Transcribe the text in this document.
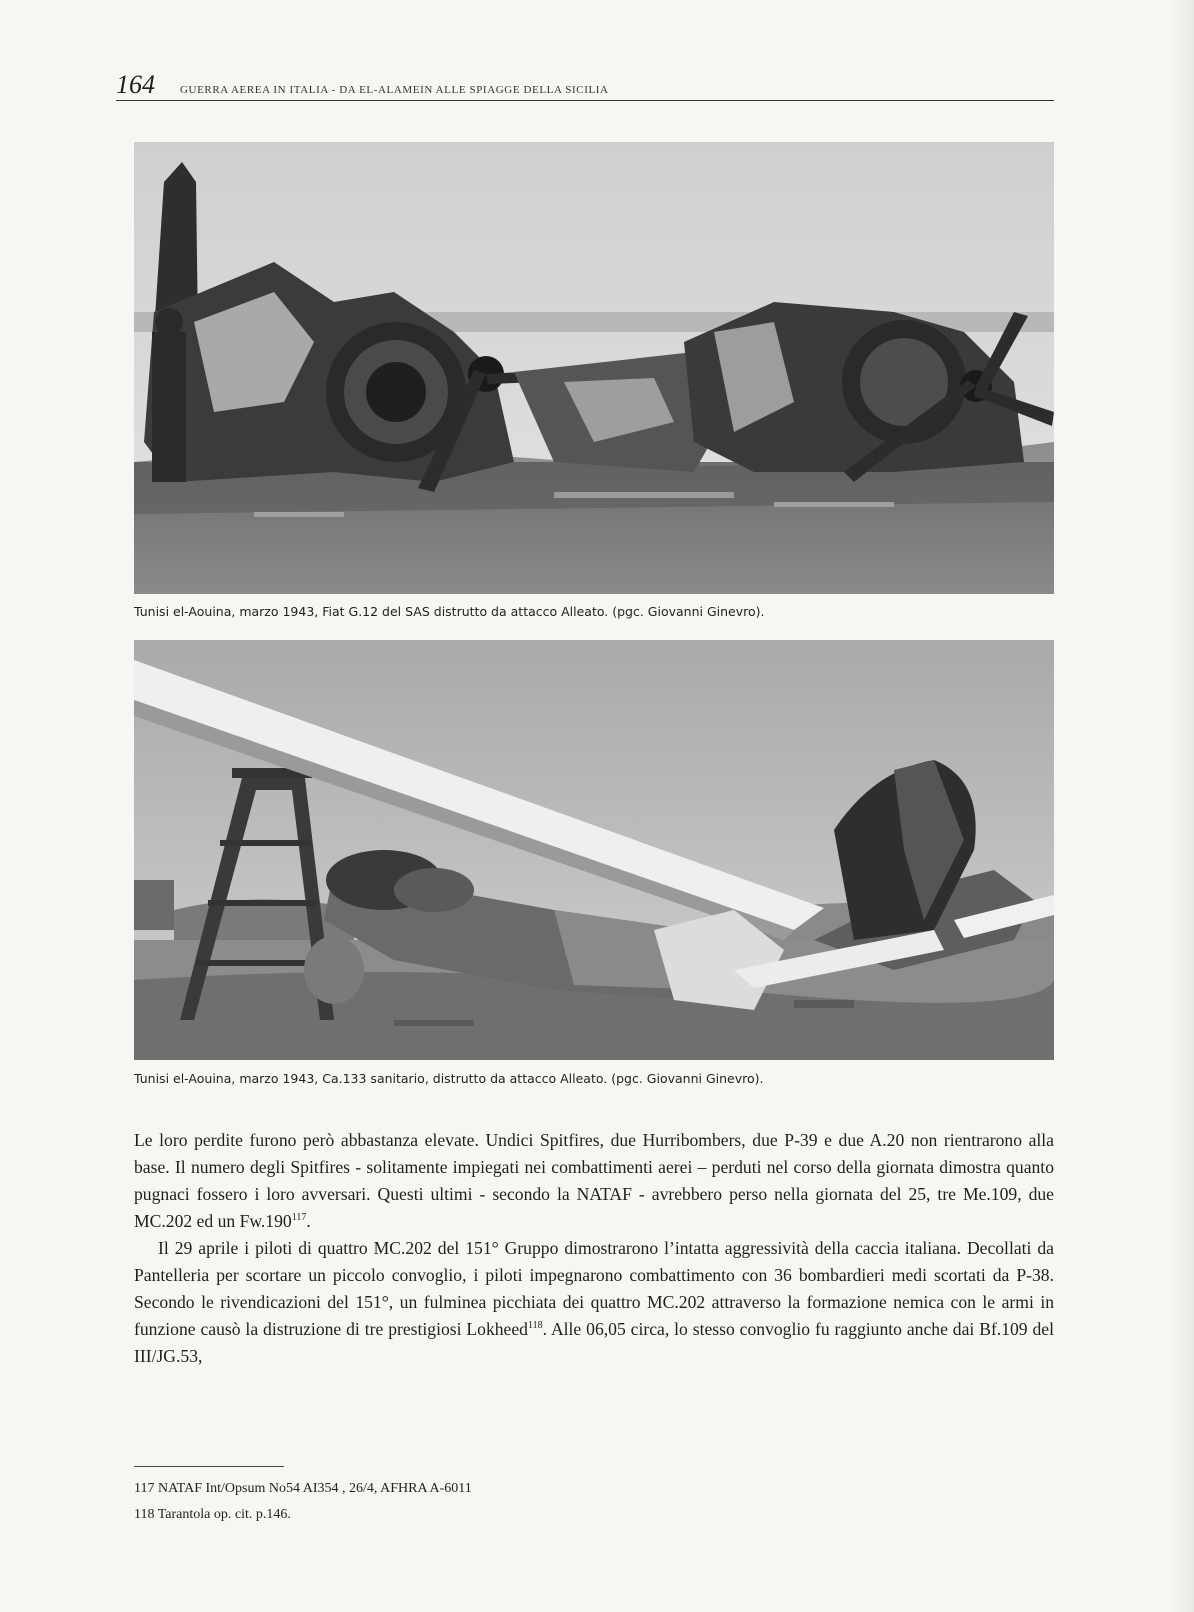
164 GUERRA AEREA IN ITALIA - DA EL-ALAMEIN ALLE SPIAGGE DELLA SICILIA
Tunisi el-Aouina, marzo 1943, Fiat G.12 del SAS distrutto da attacco Alleato. (pgc. Giovanni Ginevro).
Tunisi el-Aouina, marzo 1943, Ca.133 sanitario, distrutto da attacco Alleato. (pgc. Giovanni Ginevro).

Le loro perdite furono però abbastanza elevate. Undici Spitfires, due Hurribombers, due P-39 e due A.20 non rientrarono alla base. Il numero degli Spitfires - solitamente impiegati nei combattimenti aerei – perduti nel corso della giornata dimostra quanto pugnaci fossero i loro avversari. Questi ultimi - secondo la NATAF - avrebbero perso nella giornata del 25, tre Me.109, due MC.202 ed un Fw.190$^{117}$.

Il 29 aprile i piloti di quattro MC.202 del 151° Gruppo dimostrarono l’intatta aggressività della caccia italiana. Decollati da Pantelleria per scortare un piccolo convoglio, i piloti impegnarono combattimento con 36 bombardieri medi scortati da P-38. Secondo le rivendicazioni del 151°, un fulminea picchiata dei quattro MC.202 attraverso la formazione nemica con le armi in funzione causò la distruzione di tre prestigiosi Lokheed$^{118}$. Alle 06,05 circa, lo stesso convoglio fu raggiunto anche dai Bf.109 del III/JG.53,

117 NATAF Int/Opsum No54 AI354 , 26/4, AFHRA A-6011
118 Tarantola op. cit. p.146.
